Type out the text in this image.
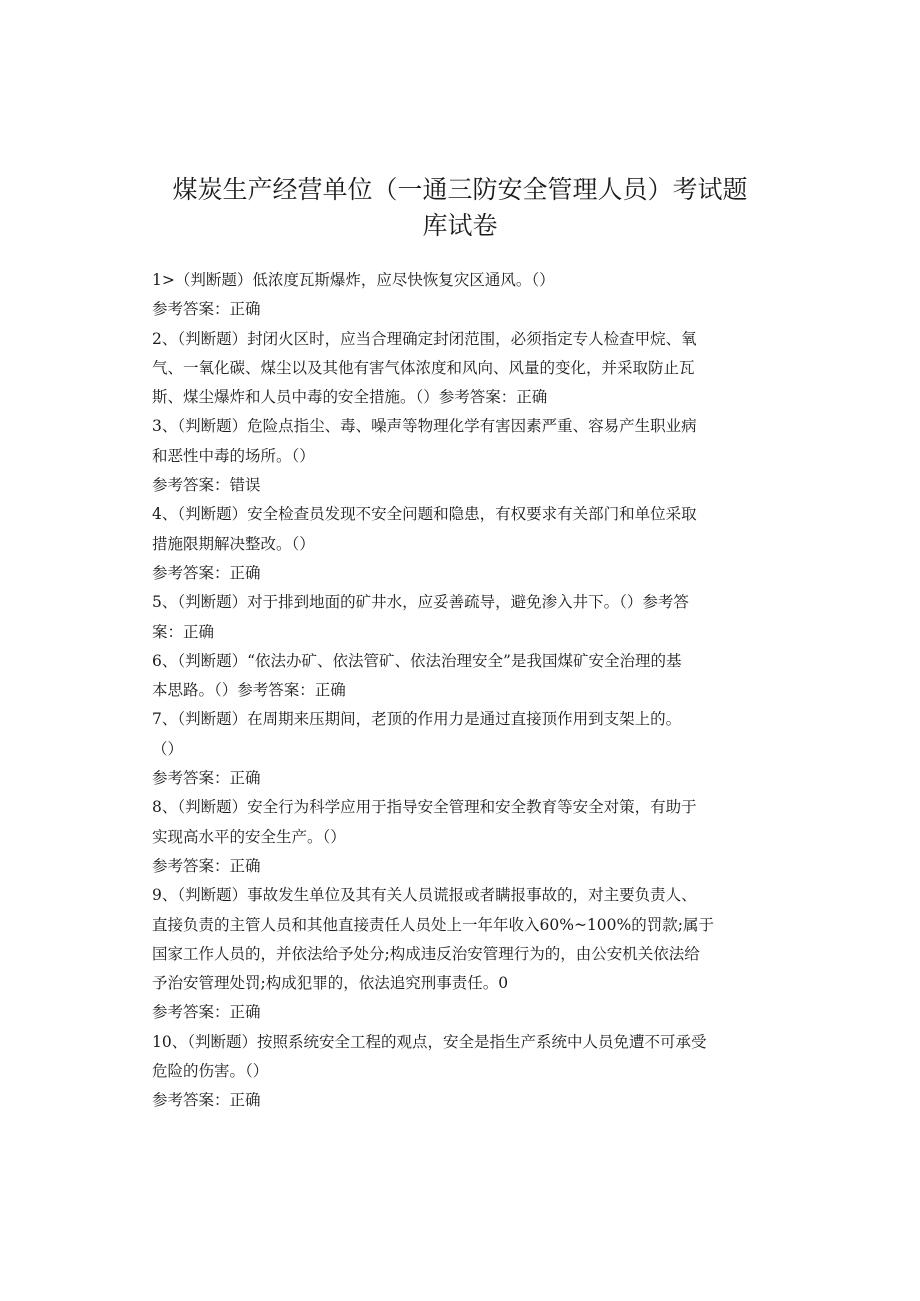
煤炭生产经营单位（一通三防安全管理人员）考试题
库试卷
1>（判断题）低浓度瓦斯爆炸，应尽快恢复灾区通风。（）
参考答案：正确
2、（判断题）封闭火区时，应当合理确定封闭范围，必须指定专人检查甲烷、氧
气、一氧化碳、煤尘以及其他有害气体浓度和风向、风量的变化，并采取防止瓦
斯、煤尘爆炸和人员中毒的安全措施。（）参考答案：正确
3、（判断题）危险点指尘、毒、噪声等物理化学有害因素严重、容易产生职业病
和恶性中毒的场所。（）
参考答案：错误
4、（判断题）安全检查员发现不安全问题和隐患，有权要求有关部门和单位采取
措施限期解决整改。（）
参考答案：正确
5、（判断题）对于排到地面的矿井水，应妥善疏导，避免渗入井下。（）参考答
案：正确
6、（判断题）“依法办矿、依法管矿、依法治理安全”是我国煤矿安全治理的基
本思路。（）参考答案：正确
7、（判断题）在周期来压期间，老顶的作用力是通过直接顶作用到支架上的。
（）
参考答案：正确
8、（判断题）安全行为科学应用于指导安全管理和安全教育等安全对策，有助于
实现高水平的安全生产。（）
参考答案：正确
9、（判断题）事故发生单位及其有关人员谎报或者瞒报事故的，对主要负责人、
直接负责的主管人员和其他直接责任人员处上一年年收入60%~100%的罚款;属于
国家工作人员的，并依法给予处分;构成违反治安管理行为的，由公安机关依法给
予治安管理处罚;构成犯罪的，依法追究刑事责任。0
参考答案：正确
10、（判断题）按照系统安全工程的观点，安全是指生产系统中人员免遭不可承受
危险的伤害。（）
参考答案：正确
